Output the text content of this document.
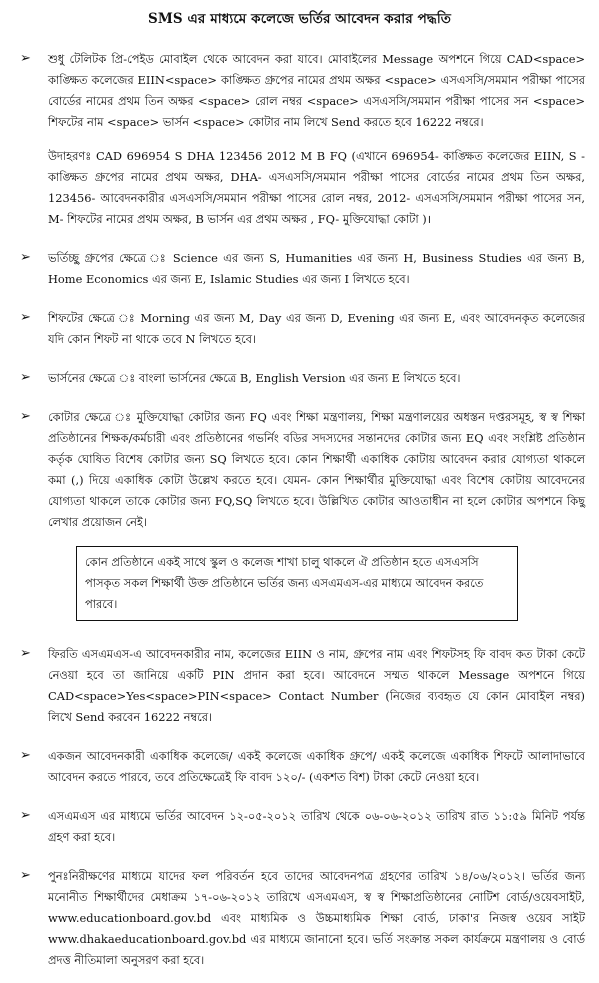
SMS এর মাধ্যমে কলেজে ভর্তির আবেদন করার পদ্ধতি
➢	শুধু টেলিটক প্রি-পেইড মোবাইল থেকে আবেদন করা যাবে। মোবাইলের Message অপশনে গিয়ে CAD<space> কাঙ্ক্ষিত কলেজের EIIN<space> কাঙ্ক্ষিত গ্রুপের নামের প্রথম অক্ষর <space> এসএসসি/সমমান পরীক্ষা পাসের বোর্ডের নামের প্রথম তিন অক্ষর <space> রোল নম্বর <space> এসএসসি/সমমান পরীক্ষা পাসের সন <space> শিফটের নাম <space> ভার্সন <space> কোটার নাম লিখে Send করতে হবে 16222 নম্বরে।

উদাহরণঃ CAD 696954 S DHA 123456 2012 M B FQ (এখানে 696954- কাঙ্ক্ষিত কলেজের EIIN, S - কাঙ্ক্ষিত গ্রুপের নামের প্রথম অক্ষর, DHA- এসএসসি/সমমান পরীক্ষা পাসের বোর্ডের নামের প্রথম তিন অক্ষর, 123456- আবেদনকারীর এসএসসি/সমমান পরীক্ষা পাসের রোল নম্বর, 2012- এসএসসি/সমমান পরীক্ষা পাসের সন, M- শিফটের নামের প্রথম অক্ষর, B ভার্সন এর প্রথম অক্ষর , FQ- মুক্তিযোদ্ধা কোটা )।

➢	ভর্তিচ্ছু গ্রুপের ক্ষেত্রে ঃ Science এর জন্য S, Humanities এর জন্য H, Business Studies এর জন্য B, Home Economics এর জন্য E, Islamic Studies এর জন্য I লিখতে হবে।

➢	শিফটের ক্ষেত্রে ঃ Morning এর জন্য M, Day এর জন্য D, Evening এর জন্য E, এবং আবেদনকৃত কলেজের যদি কোন শিফট না থাকে তবে N লিখতে হবে।

➢	ভার্সনের ক্ষেত্রে ঃ বাংলা ভার্সনের ক্ষেত্রে B, English Version এর জন্য E লিখতে হবে।

➢	কোটার ক্ষেত্রে ঃ মুক্তিযোদ্ধা কোটার জন্য FQ এবং শিক্ষা মন্ত্রণালয়, শিক্ষা মন্ত্রণালয়ের অধস্তন দপ্তরসমূহ, স্ব স্ব শিক্ষা প্রতিষ্ঠানের শিক্ষক/কর্মচারী এবং প্রতিষ্ঠানের গভর্নিং বডির সদস্যদের সন্তানদের কোটার জন্য EQ এবং সংশ্লিষ্ট প্রতিষ্ঠান কর্তৃক ঘোষিত বিশেষ কোটার জন্য SQ লিখতে হবে। কোন শিক্ষার্থী একাধিক কোটায় আবেদন করার যোগ্যতা থাকলে কমা (,) দিয়ে একাধিক কোটা উল্লেখ করতে হবে। যেমন- কোন শিক্ষার্থীর মুক্তিযোদ্ধা এবং বিশেষ কোটায় আবেদনের যোগ্যতা থাকলে তাকে কোটার জন্য FQ,SQ লিখতে হবে। উল্লিখিত কোটার আওতাধীন না হলে কোটার অপশনে কিছু লেখার প্রয়োজন নেই।

কোন প্রতিষ্ঠানে একই সাথে স্কুল ও কলেজ শাখা চালু থাকলে ঐ প্রতিষ্ঠান হতে এসএসসি পাসকৃত সকল শিক্ষার্থী উক্ত প্রতিষ্ঠানে ভর্তির জন্য এসএমএস-এর মাধ্যমে আবেদন করতে পারবে।
➢	ফিরতি এসএমএস-এ আবেদনকারীর নাম, কলেজের EIIN ও নাম, গ্রুপের নাম এবং শিফটসহ ফি বাবদ কত টাকা কেটে নেওয়া হবে তা জানিয়ে একটি PIN প্রদান করা হবে। আবেদনে সম্মত থাকলে Message অপশনে গিয়ে CAD<space>Yes<space>PIN<space> Contact Number (নিজের ব্যবহৃত যে কোন মোবাইল নম্বর) লিখে Send করবেন 16222 নম্বরে।

➢	একজন আবেদনকারী একাধিক কলেজে/ একই কলেজে একাধিক গ্রুপে/ একই কলেজে একাধিক শিফটে আলাদাভাবে আবেদন করতে পারবে, তবে প্রতিক্ষেত্রেই ফি বাবদ ১২০/- (একশত বিশ) টাকা কেটে নেওয়া হবে।

➢	এসএমএস এর মাধ্যমে ভর্তির আবেদন ১২-০৫-২০১২ তারিখ থেকে ০৬-০৬-২০১২ তারিখ রাত ১১:৫৯ মিনিট পর্যন্ত গ্রহণ করা হবে।

➢	পুনঃনিরীক্ষণের মাধ্যমে যাদের ফল পরিবর্তন হবে তাদের আবেদনপত্র গ্রহণের তারিখ ১৪/০৬/২০১২। ভর্তির জন্য মনোনীত শিক্ষার্থীদের মেধাক্রম ১৭-০৬-২০১২ তারিখে এসএমএস, স্ব স্ব শিক্ষাপ্রতিষ্ঠানের নোটিশ বোর্ড/ওয়েবসাইট, www.educationboard.gov.bd এবং মাধ্যমিক ও উচ্চমাধ্যমিক শিক্ষা বোর্ড, ঢাকা'র নিজস্ব ওয়েব সাইট www.dhakaeducationboard.gov.bd এর মাধ্যমে জানানো হবে। ভর্তি সংক্রান্ত সকল কার্যক্রমে মন্ত্রণালয় ও বোর্ড প্রদত্ত নীতিমালা অনুসরণ করা হবে।
